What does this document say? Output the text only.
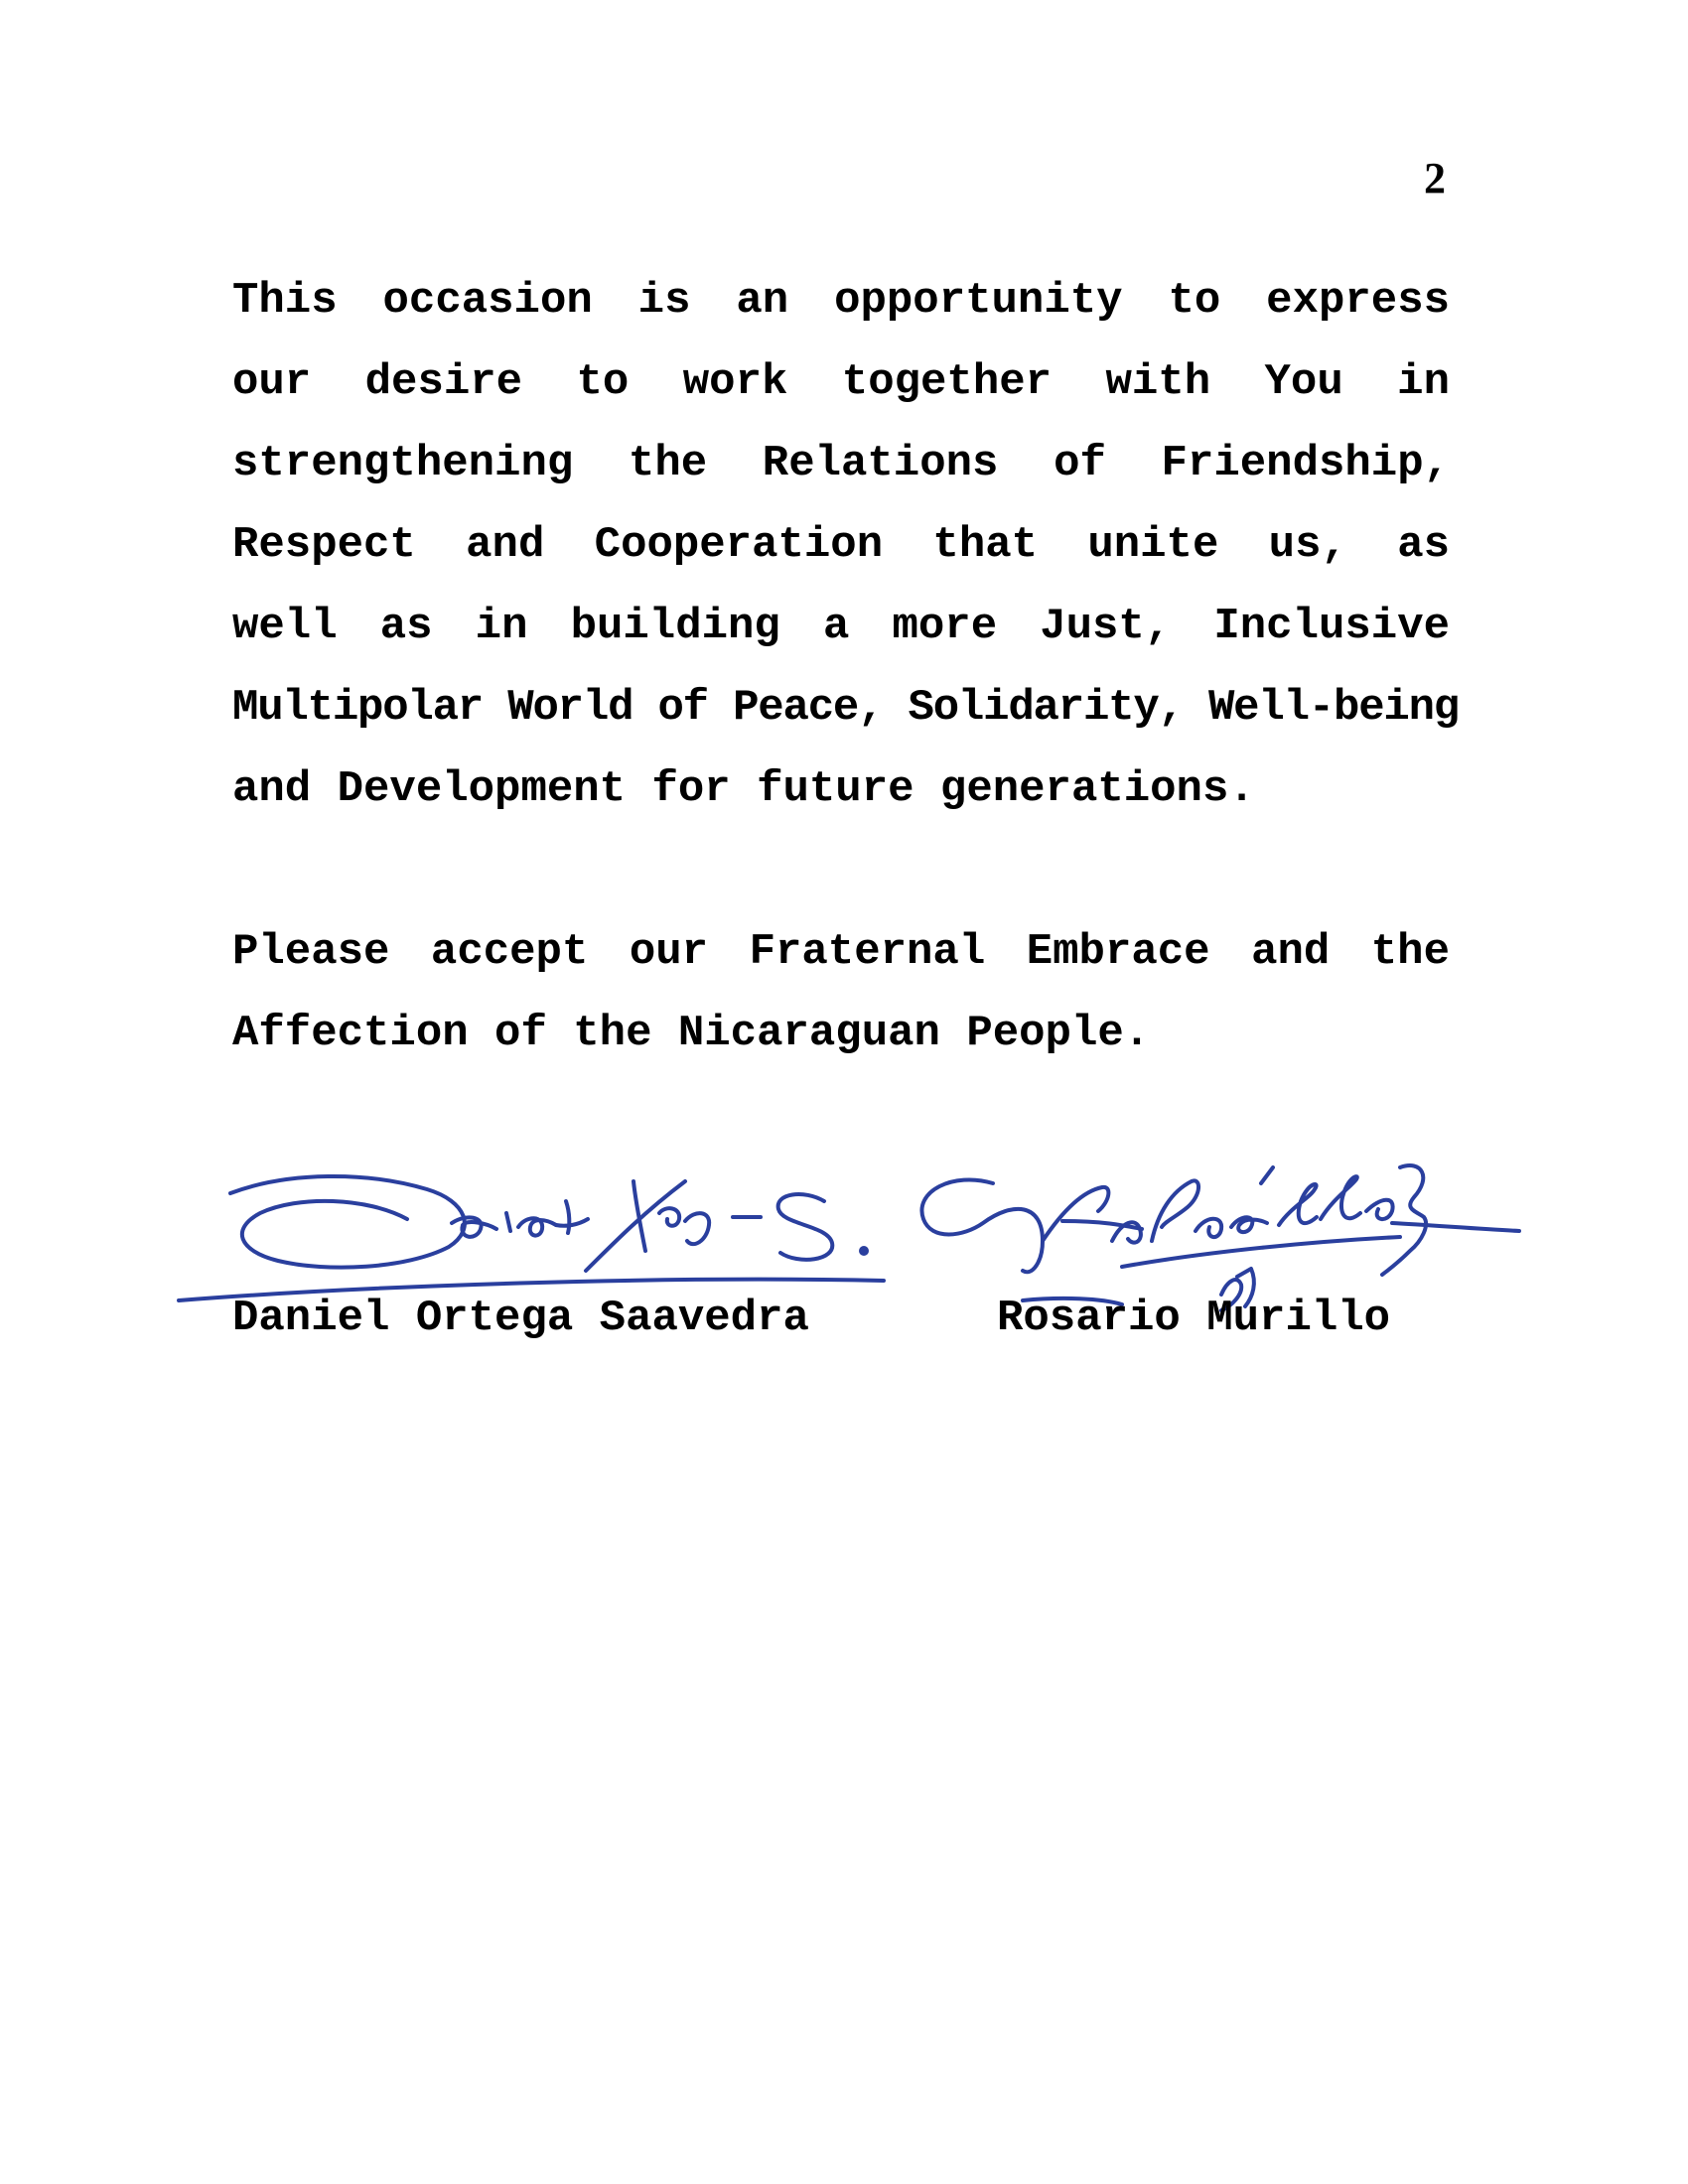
2
This occasion is an opportunity to express
our desire to work together with You in
strengthening the Relations of Friendship,
Respect and Cooperation that unite us, as
well as in building a more Just, Inclusive
Multipolar World of Peace, Solidarity, Well-being
and Development for future generations.
Please accept our Fraternal Embrace and the
Affection of the Nicaraguan People.
Daniel Ortega Saavedra	Rosario Murillo
